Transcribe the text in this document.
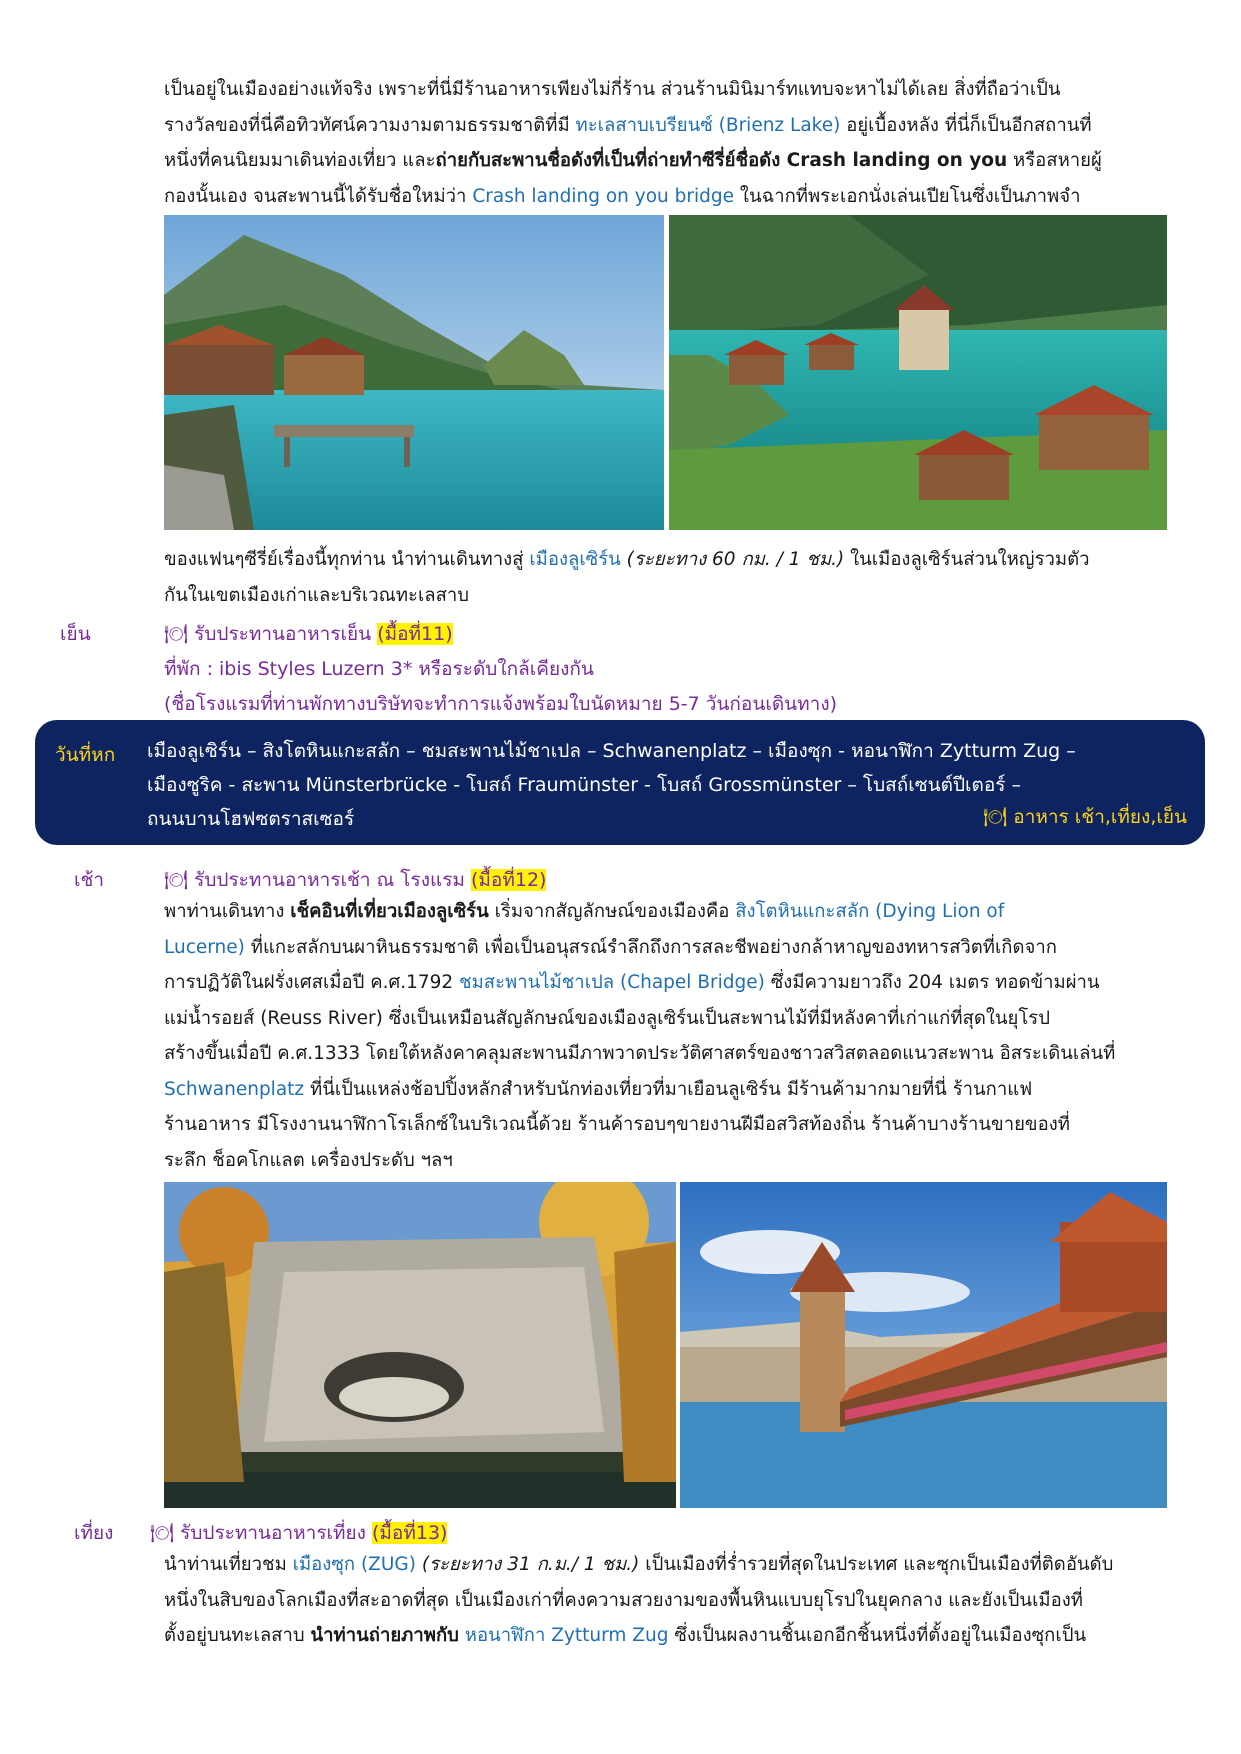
เป็นอยู่ในเมืองอย่างแท้จริง เพราะที่นี่มีร้านอาหารเพียงไม่กี่ร้าน ส่วนร้านมินิมาร์ทแทบจะหาไม่ได้เลย สิ่งที่ถือว่าเป็น
รางวัลของที่นี่คือทิวทัศน์ความงามตามธรรมชาติที่มี ทะเลสาบเบรียนซ์ (Brienz Lake) อยู่เบื้องหลัง ที่นี่ก็เป็นอีกสถานที่
หนึ่งที่คนนิยมมาเดินท่องเที่ยว และถ่ายกับสะพานชื่อดังที่เป็นที่ถ่ายทำซีรี่ย์ชื่อดัง Crash landing on you หรือสหายผู้
กองนั้นเอง จนสะพานนี้ได้รับชื่อใหม่ว่า Crash landing on you bridge ในฉากที่พระเอกนั่งเล่นเปียโนซึ่งเป็นภาพจำ
ของแฟนๆซีรี่ย์เรื่องนี้ทุกท่าน นำท่านเดินทางสู่ เมืองลูเซิร์น (ระยะทาง 60 กม. / 1 ชม.) ในเมืองลูเซิร์นส่วนใหญ่รวมตัว
กันในเขตเมืองเก่าและบริเวณทะเลสาบ
เย็น	🍽 รับประทานอาหารเย็น (มื้อที่11)
ที่พัก : ibis Styles Luzern 3* หรือระดับใกล้เคียงกัน
(ชื่อโรงแรมที่ท่านพักทางบริษัทจะทำการแจ้งพร้อมใบนัดหมาย 5-7 วันก่อนเดินทาง)
วันที่หก เมืองลูเซิร์น – สิงโตหินแกะสลัก – ชมสะพานไม้ชาเปล – Schwanenplatz – เมืองซุก - หอนาฬิกา Zytturm Zug –
เมืองซูริค - สะพาน Münsterbrücke - โบสถ์ Fraumünster - โบสถ์ Grossmünster – โบสถ์เซนต์ปีเตอร์ –
ถนนบานโฮฟซตราสเซอร์	🍽 อาหาร เช้า,เที่ยง,เย็น
เช้า	🍽 รับประทานอาหารเช้า ณ โรงแรม (มื้อที่12)
พาท่านเดินทาง เช็คอินที่เที่ยวเมืองลูเซิร์น เริ่มจากสัญลักษณ์ของเมืองคือ สิงโตหินแกะสลัก (Dying Lion of
Lucerne) ที่แกะสลักบนผาหินธรรมชาติ เพื่อเป็นอนุสรณ์รำลึกถึงการสละชีพอย่างกล้าหาญของทหารสวิตที่เกิดจาก
การปฏิวัติในฝรั่งเศสเมื่อปี ค.ศ.1792 ชมสะพานไม้ชาเปล (Chapel Bridge) ซึ่งมีความยาวถึง 204 เมตร ทอดข้ามผ่าน
แม่น้ำรอยส์ (Reuss River) ซึ่งเป็นเหมือนสัญลักษณ์ของเมืองลูเซิร์นเป็นสะพานไม้ที่มีหลังคาที่เก่าแก่ที่สุดในยุโรป
สร้างขึ้นเมื่อปี ค.ศ.1333 โดยใต้หลังคาคลุมสะพานมีภาพวาดประวัติศาสตร์ของชาวสวิสตลอดแนวสะพาน อิสระเดินเล่นที่
Schwanenplatz ที่นี่เป็นแหล่งช้อปปิ้งหลักสำหรับนักท่องเที่ยวที่มาเยือนลูเซิร์น มีร้านค้ามากมายที่นี่ ร้านกาแฟ
ร้านอาหาร มีโรงงานนาฬิกาโรเล็กซ์ในบริเวณนี้ด้วย ร้านค้ารอบๆขายงานฝีมือสวิสท้องถิ่น ร้านค้าบางร้านขายของที่
ระลึก ช็อคโกแลต เครื่องประดับ ฯลฯ
เที่ยง 🍽 รับประทานอาหารเที่ยง (มื้อที่13)
นำท่านเที่ยวชม เมืองซุก (ZUG) (ระยะทาง 31 ก.ม./ 1 ชม.) เป็นเมืองที่ร่ำรวยที่สุดในประเทศ และซุกเป็นเมืองที่ติดอันดับ
หนึ่งในสิบของโลกเมืองที่สะอาดที่สุด เป็นเมืองเก่าที่คงความสวยงามของพื้นหินแบบยุโรปในยุคกลาง และยังเป็นเมืองที่
ตั้งอยู่บนทะเลสาบ นำท่านถ่ายภาพกับ หอนาฬิกา Zytturm Zug ซึ่งเป็นผลงานชิ้นเอกอีกชิ้นหนึ่งที่ตั้งอยู่ในเมืองซุกเป็น
